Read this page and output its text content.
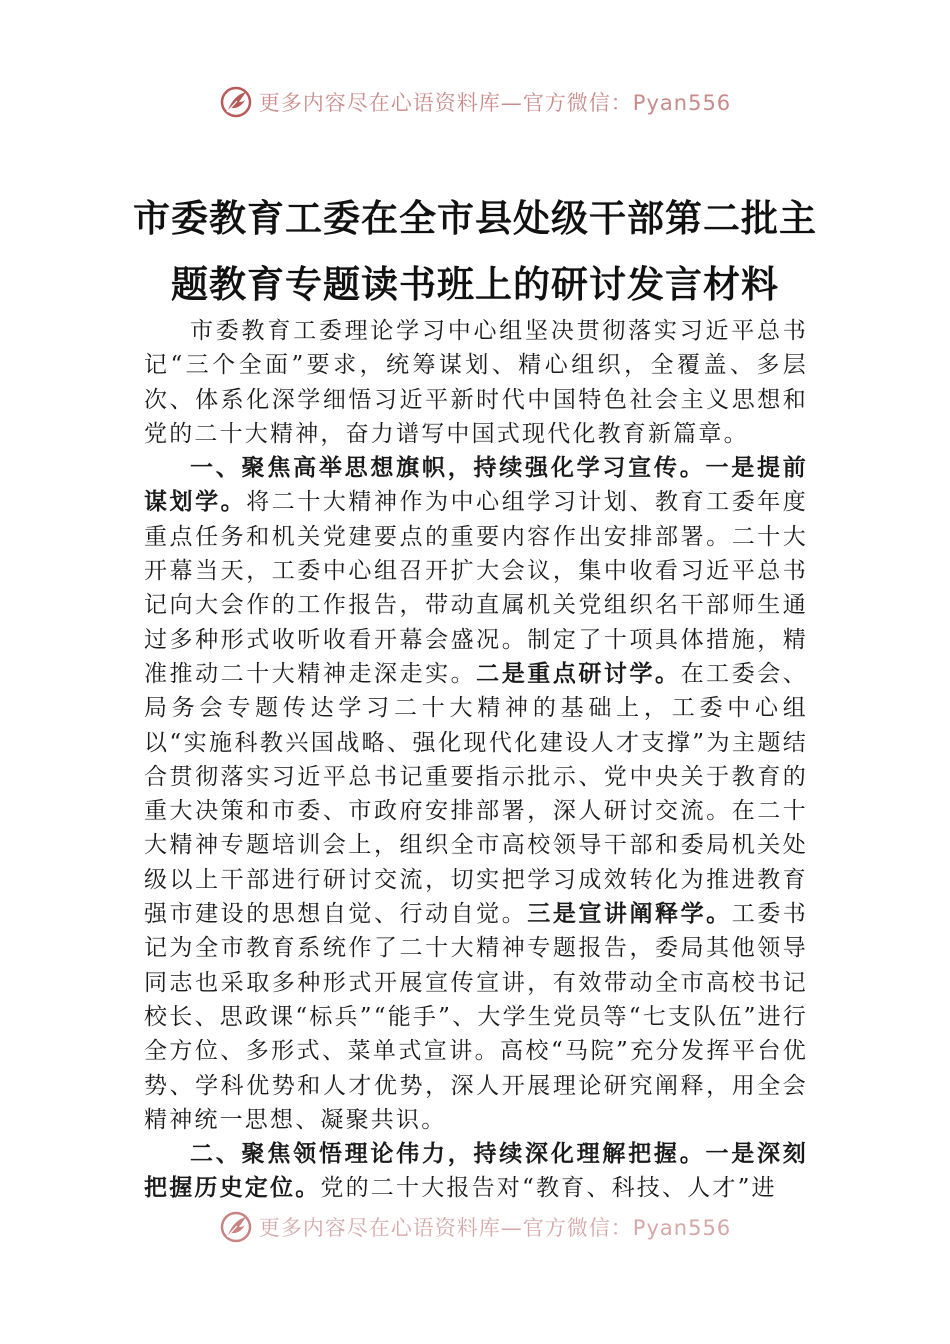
更多内容尽在心语资料库—官方微信：Pyan556
市委教育工委在全市县处级干部第二批主
题教育专题读书班上的研讨发言材料

市委教育工委理论学习中心组坚决贯彻落实习近平总书记“三个全面”要求，统筹谋划、精心组织，全覆盖、多层次、体系化深学细悟习近平新时代中国特色社会主义思想和党的二十大精神，奋力谱写中国式现代化教育新篇章。

一、聚焦高举思想旗帜，持续强化学习宣传。一是提前谋划学。将二十大精神作为中心组学习计划、教育工委年度重点任务和机关党建要点的重要内容作出安排部署。二十大开幕当天，工委中心组召开扩大会议，集中收看习近平总书记向大会作的工作报告，带动直属机关党组织名干部师生通过多种形式收听收看开幕会盛况。制定了十项具体措施，精准推动二十大精神走深走实。二是重点研讨学。在工委会、局务会专题传达学习二十大精神的基础上，工委中心组以“实施科教兴国战略、强化现代化建设人才支撑”为主题结合贯彻落实习近平总书记重要指示批示、党中央关于教育的重大决策和市委、市政府安排部署，深人研讨交流。在二十大精神专题培训会上，组织全市高校领导干部和委局机关处级以上干部进行研讨交流，切实把学习成效转化为推进教育强市建设的思想自觉、行动自觉。三是宣讲阐释学。工委书记为全市教育系统作了二十大精神专题报告，委局其他领导同志也采取多种形式开展宣传宣讲，有效带动全市高校书记校长、思政课“标兵”“能手”、大学生党员等“七支队伍”进行全方位、多形式、菜单式宣讲。高校“马院”充分发挥平台优势、学科优势和人才优势，深人开展理论研究阐释，用全会精神统一思想、凝聚共识。

二、聚焦领悟理论伟力，持续深化理解把握。一是深刻把握历史定位。党的二十大报告对“教育、科技、人才”进

更多内容尽在心语资料库—官方微信：Pyan556
